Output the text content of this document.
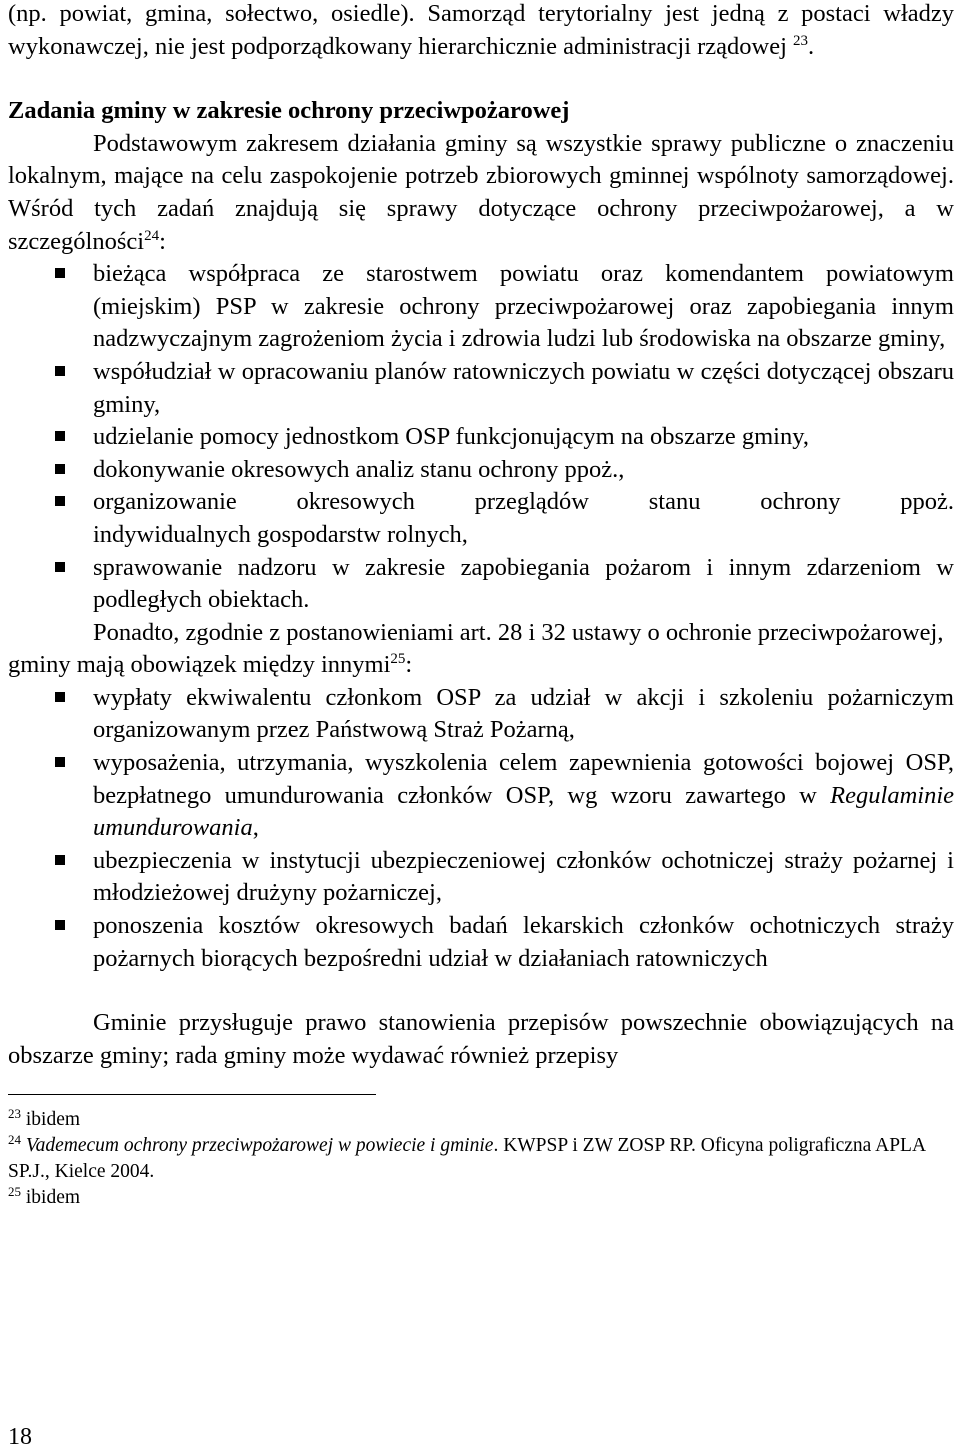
(np. powiat, gmina, sołectwo, osiedle). Samorząd terytorialny jest jedną z postaci władzy wykonawczej, nie jest podporządkowany hierarchicznie administracji rządowej $^{23}$.

Zadania gminy w zakresie ochrony przeciwpożarowej

Podstawowym zakresem działania gminy są wszystkie sprawy publiczne o znaczeniu lokalnym, mające na celu zaspokojenie potrzeb zbiorowych gminnej wspólnoty samorządowej. Wśród tych zadań znajdują się sprawy dotyczące ochrony przeciwpożarowej, a w szczególności$^{24}$:

bieżąca współpraca ze starostwem powiatu oraz komendantem powiatowym (miejskim) PSP w zakresie ochrony przeciwpożarowej oraz zapobiegania innym nadzwyczajnym zagrożeniom życia i zdrowia ludzi lub środowiska na obszarze gminy,
współudział w opracowaniu planów ratowniczych powiatu w części dotyczącej obszaru gminy,
udzielanie pomocy jednostkom OSP funkcjonującym na obszarze gminy,
dokonywanie okresowych analiz stanu ochrony ppoż.,
organizowanie okresowych przeglądów stanu ochrony ppoż.
indywidualnych gospodarstw rolnych,
sprawowanie nadzoru w zakresie zapobiegania pożarom i innym zdarzeniom w podległych obiektach.

Ponadto, zgodnie z postanowieniami art. 28 i 32 ustawy o ochronie przeciwpożarowej, gminy mają obowiązek między innymi$^{25}$:

wypłaty ekwiwalentu członkom OSP za udział w akcji i szkoleniu pożarniczym organizowanym przez Państwową Straż Pożarną,
wyposażenia, utrzymania, wyszkolenia celem zapewnienia gotowości bojowej OSP, bezpłatnego umundurowania członków OSP, wg wzoru zawartego w Regulaminie umundurowania,
ubezpieczenia w instytucji ubezpieczeniowej członków ochotniczej straży pożarnej i młodzieżowej drużyny pożarniczej,
ponoszenia kosztów okresowych badań lekarskich członków ochotniczych straży pożarnych biorących bezpośredni udział w działaniach ratowniczych

Gminie przysługuje prawo stanowienia przepisów powszechnie obowiązujących na obszarze gminy; rada gminy może wydawać również przepisy

$^{23}$ ibidem

$^{24}$ Vademecum ochrony przeciwpożarowej w powiecie i gminie. KWPSP i ZW ZOSP RP. Oficyna poligraficzna APLA SP.J., Kielce 2004.

$^{25}$ ibidem

18
